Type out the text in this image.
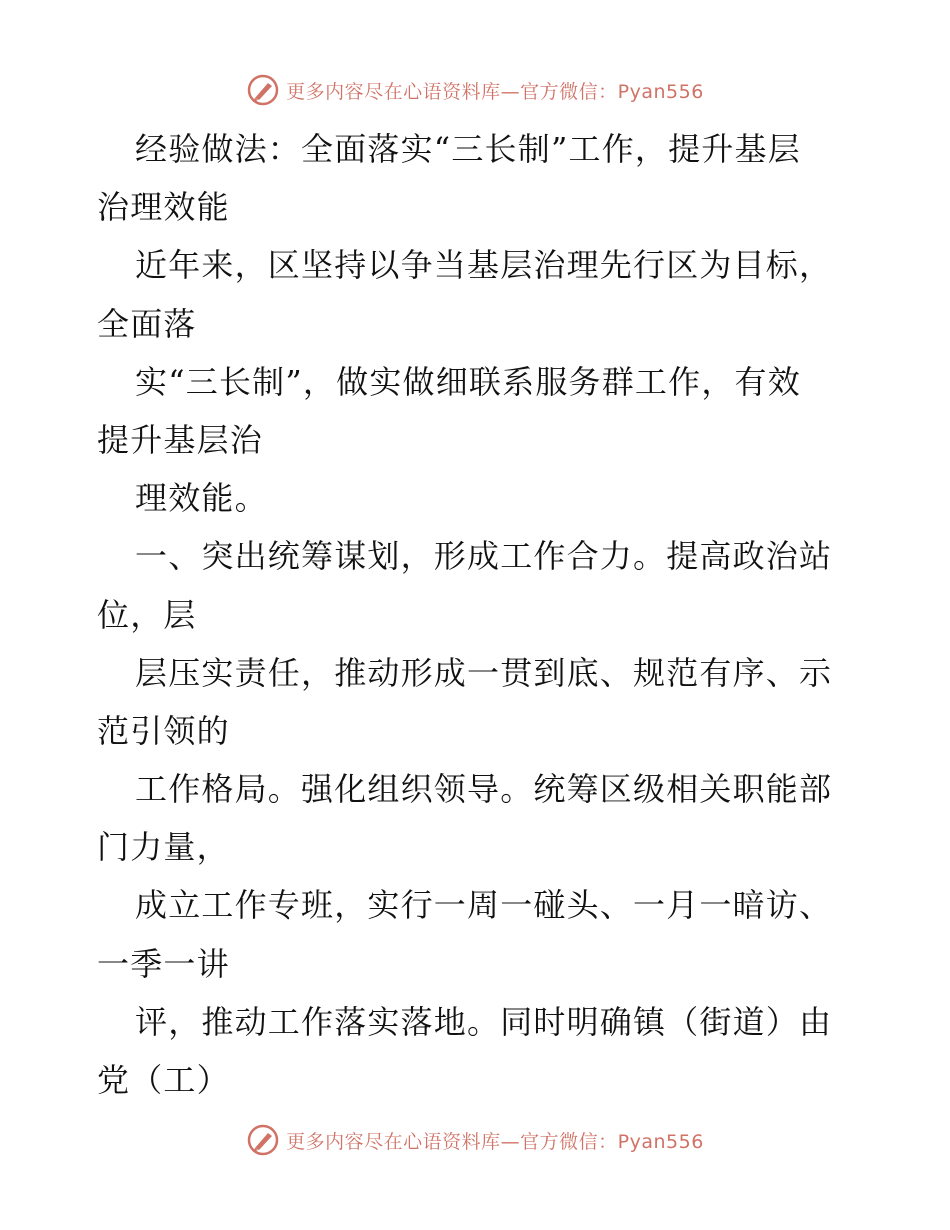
更多内容尽在心语资料库—官方微信：Pyan556
经验做法：全面落实“三长制”工作，提升基层
治理效能
近年来，区坚持以争当基层治理先行区为目标，
全面落
实“三长制”，做实做细联系服务群工作，有效
提升基层治
理效能。
一、突出统筹谋划，形成工作合力。提高政治站
位，层
层压实责任，推动形成一贯到底、规范有序、示
范引领的
工作格局。强化组织领导。统筹区级相关职能部
门力量，
成立工作专班，实行一周一碰头、一月一暗访、
一季一讲
评，推动工作落实落地。同时明确镇（街道）由
党（工）
更多内容尽在心语资料库—官方微信：Pyan556
